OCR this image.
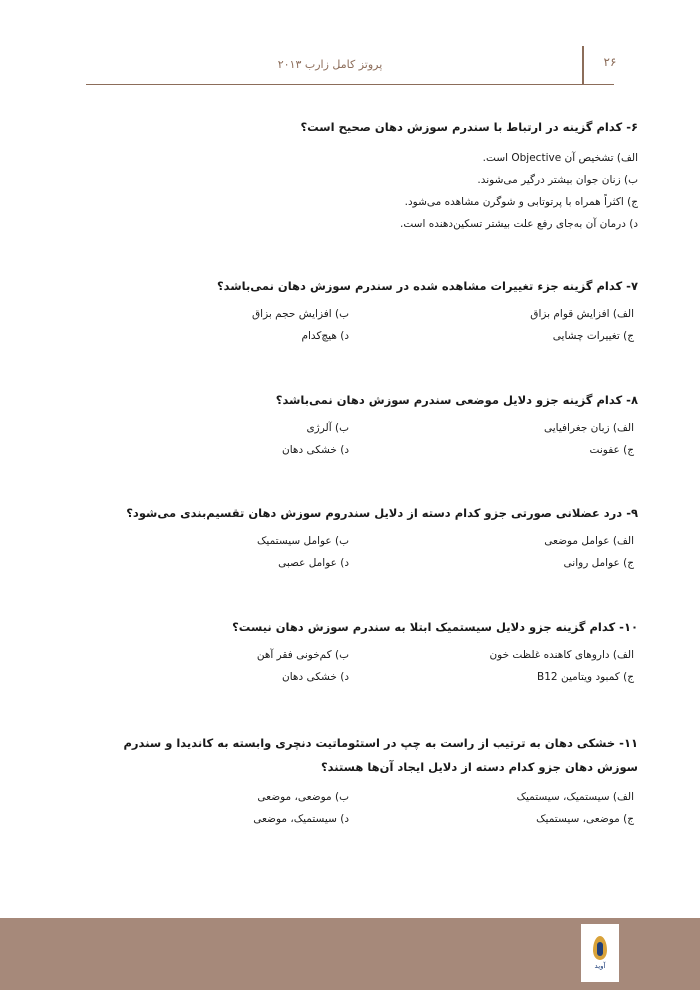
۲۶
پروتز کامل زارب ۲۰۱۳
۶- کدام گزینه در ارتباط با سندرم سوزش دهان صحیح است؟
الف) تشخیص آن Objective است.
ب) زنان جوان بیشتر درگیر می‌شوند.
ج) اکثراً همراه با پرتوتابی و شوگرن مشاهده می‌شود.
د) درمان آن به‌جای رفع علت بیشتر تسکین‌دهنده است.
۷- کدام گزینه جزء تغییرات مشاهده شده در سندرم سوزش دهان نمی‌باشد؟
الف) افزایش قوام بزاق
ب) افزایش حجم بزاق
ج) تغییرات چشایی
د) هیچ‌کدام
۸- کدام گزینه جزو دلایل موضعی سندرم سوزش دهان نمی‌باشد؟
الف) زبان جغرافیایی
ب) آلرژی
ج) عفونت
د) خشکی دهان
۹- درد عضلانی صورتی جزو کدام دسته از دلایل سندروم سوزش دهان تقسیم‌بندی می‌شود؟
الف) عوامل موضعی
ب) عوامل سیستمیک
ج) عوامل روانی
د) عوامل عصبی
۱۰- کدام گزینه جزو دلایل سیستمیک ابتلا به سندرم سوزش دهان نیست؟
الف) داروهای کاهنده غلظت خون
ب) کم‌خونی فقر آهن
ج) کمبود ویتامین B12
د) خشکی دهان
۱۱- خشکی دهان به ترتیب از راست به چپ در استئوماتیت دنچری وابسته به کاندیدا و سندرم سوزش دهان جزو کدام دسته از دلایل ایجاد آن‌ها هستند؟
الف) سیستمیک، سیستمیک
ب) موضعی، موضعی
ج) موضعی، سیستمیک
د) سیستمیک، موضعی
آوید
